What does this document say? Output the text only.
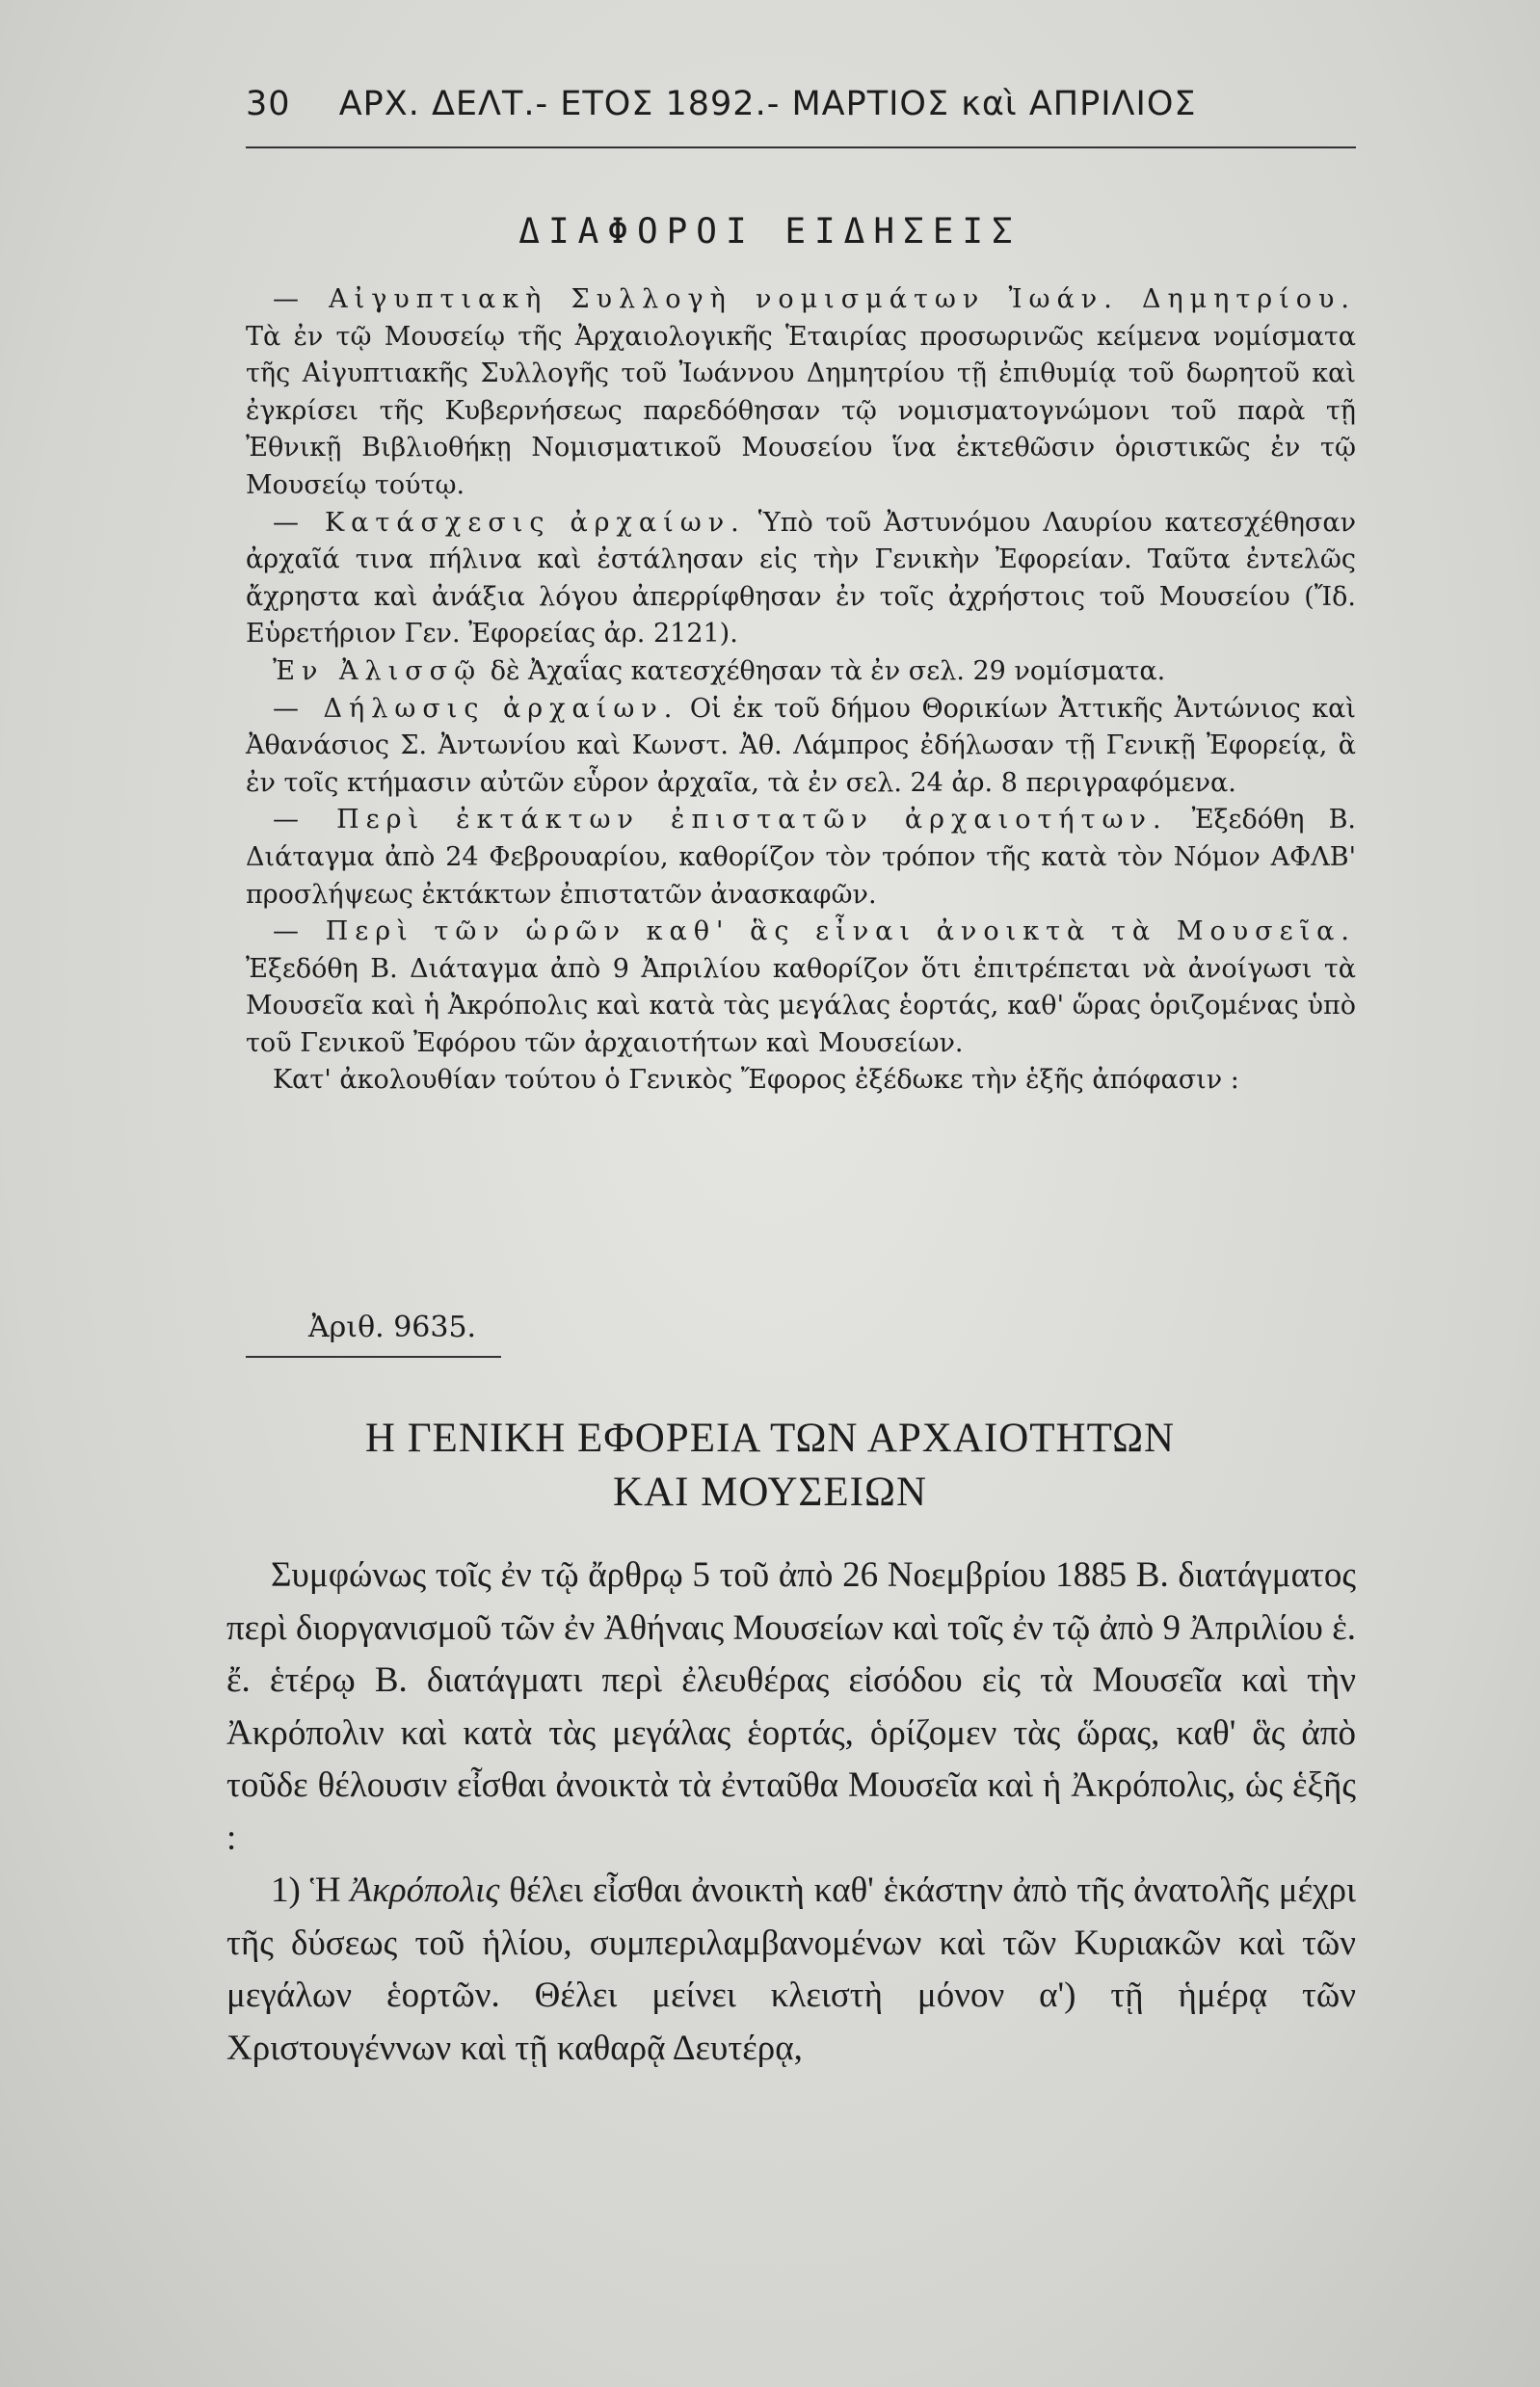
30 ΑΡΧ. ΔΕΛΤ.- ΕΤΟΣ 1892.- ΜΑΡΤΙΟΣ καὶ ΑΠΡΙΛΙΟΣ
ΔΙΑΦΟΡΟΙ ΕΙΔΗΣΕΙΣ

— Αἰγυπτιακὴ Συλλογὴ νομισμάτων Ἰωάν. Δημητρίου. Τὰ ἐν τῷ Μουσείῳ τῆς Ἀρχαιολογικῆς Ἑταιρίας προσωρινῶς κείμενα νομίσματα τῆς Αἰγυπτιακῆς Συλλογῆς τοῦ Ἰωάννου Δημητρίου τῇ ἐπιθυμίᾳ τοῦ δωρητοῦ καὶ ἐγκρίσει τῆς Κυβερνήσεως παρεδόθησαν τῷ νομισματογνώμονι τοῦ παρὰ τῇ Ἐθνικῇ Βιβλιοθήκῃ Νομισματικοῦ Μουσείου ἵνα ἐκτεθῶσιν ὁριστικῶς ἐν τῷ Μουσείῳ τούτῳ.

— Κατάσχεσις ἀρχαίων. Ὑπὸ τοῦ Ἀστυνόμου Λαυρίου κατεσχέθησαν ἀρχαῖά τινα πήλινα καὶ ἐστάλησαν εἰς τὴν Γενικὴν Ἐφορείαν. Ταῦτα ἐντελῶς ἄχρηστα καὶ ἀνάξια λόγου ἀπερρίφθησαν ἐν τοῖς ἀχρήστοις τοῦ Μουσείου (Ἴδ. Εὑρετήριον Γεν. Ἐφορείας ἀρ. 2121).

Ἐν Ἀλισσῷ δὲ Ἀχαΐας κατεσχέθησαν τὰ ἐν σελ. 29 νομίσματα.

— Δήλωσις ἀρχαίων. Οἱ ἐκ τοῦ δήμου Θορικίων Ἀττικῆς Ἀντώνιος καὶ Ἀθανάσιος Σ. Ἀντωνίου καὶ Κωνστ. Ἀθ. Λάμπρος ἐδήλωσαν τῇ Γενικῇ Ἐφορείᾳ, ἃ ἐν τοῖς κτήμασιν αὐτῶν εὗρον ἀρχαῖα, τὰ ἐν σελ. 24 ἀρ. 8 περιγραφόμενα.

— Περὶ ἐκτάκτων ἐπιστατῶν ἀρχαιοτήτων. Ἐξεδόθη Β. Διάταγμα ἀπὸ 24 Φεβρουαρίου, καθορίζον τὸν τρόπον τῆς κατὰ τὸν Νόμον ΑΦΛΒ' προσλήψεως ἐκτάκτων ἐπιστατῶν ἀνασκαφῶν.

— Περὶ τῶν ὡρῶν καθ' ἃς εἶναι ἀνοικτὰ τὰ Μουσεῖα. Ἐξεδόθη Β. Διάταγμα ἀπὸ 9 Ἀπριλίου καθορίζον ὅτι ἐπιτρέπεται νὰ ἀνοίγωσι τὰ Μουσεῖα καὶ ἡ Ἀκρόπολις καὶ κατὰ τὰς μεγάλας ἑορτάς, καθ' ὥρας ὁριζομένας ὑπὸ τοῦ Γενικοῦ Ἐφόρου τῶν ἀρχαιοτήτων καὶ Μουσείων.

Κατ' ἀκολουθίαν τούτου ὁ Γενικὸς Ἔφορος ἐξέδωκε τὴν ἑξῆς ἀπόφασιν :

Ἀριθ. 9635.
Η ΓΕΝΙΚΗ ΕΦΟΡΕΙΑ ΤΩΝ ΑΡΧΑΙΟΤΗΤΩΝ
ΚΑΙ ΜΟΥΣΕΙΩΝ

Συμφώνως τοῖς ἐν τῷ ἄρθρῳ 5 τοῦ ἀπὸ 26 Νοεμβρίου 1885 Β. διατάγματος περὶ διοργανισμοῦ τῶν ἐν Ἀθήναις Μουσείων καὶ τοῖς ἐν τῷ ἀπὸ 9 Ἀπριλίου ἑ. ἔ. ἑτέρῳ Β. διατάγματι περὶ ἐλευθέρας εἰσόδου εἰς τὰ Μουσεῖα καὶ τὴν Ἀκρόπολιν καὶ κατὰ τὰς μεγάλας ἑορτάς, ὁρίζομεν τὰς ὥρας, καθ' ἃς ἀπὸ τοῦδε θέλουσιν εἶσθαι ἀνοικτὰ τὰ ἐνταῦθα Μουσεῖα καὶ ἡ Ἀκρόπολις, ὡς ἑξῆς :

1) Ἡ Ἀκρόπολις θέλει εἶσθαι ἀνοικτὴ καθ' ἑκάστην ἀπὸ τῆς ἀνατολῆς μέχρι τῆς δύσεως τοῦ ἡλίου, συμπεριλαμβανομένων καὶ τῶν Κυριακῶν καὶ τῶν μεγάλων ἑορτῶν. Θέλει μείνει κλειστὴ μόνον α') τῇ ἡμέρᾳ τῶν Χριστουγέννων καὶ τῇ καθαρᾷ Δευτέρᾳ,
